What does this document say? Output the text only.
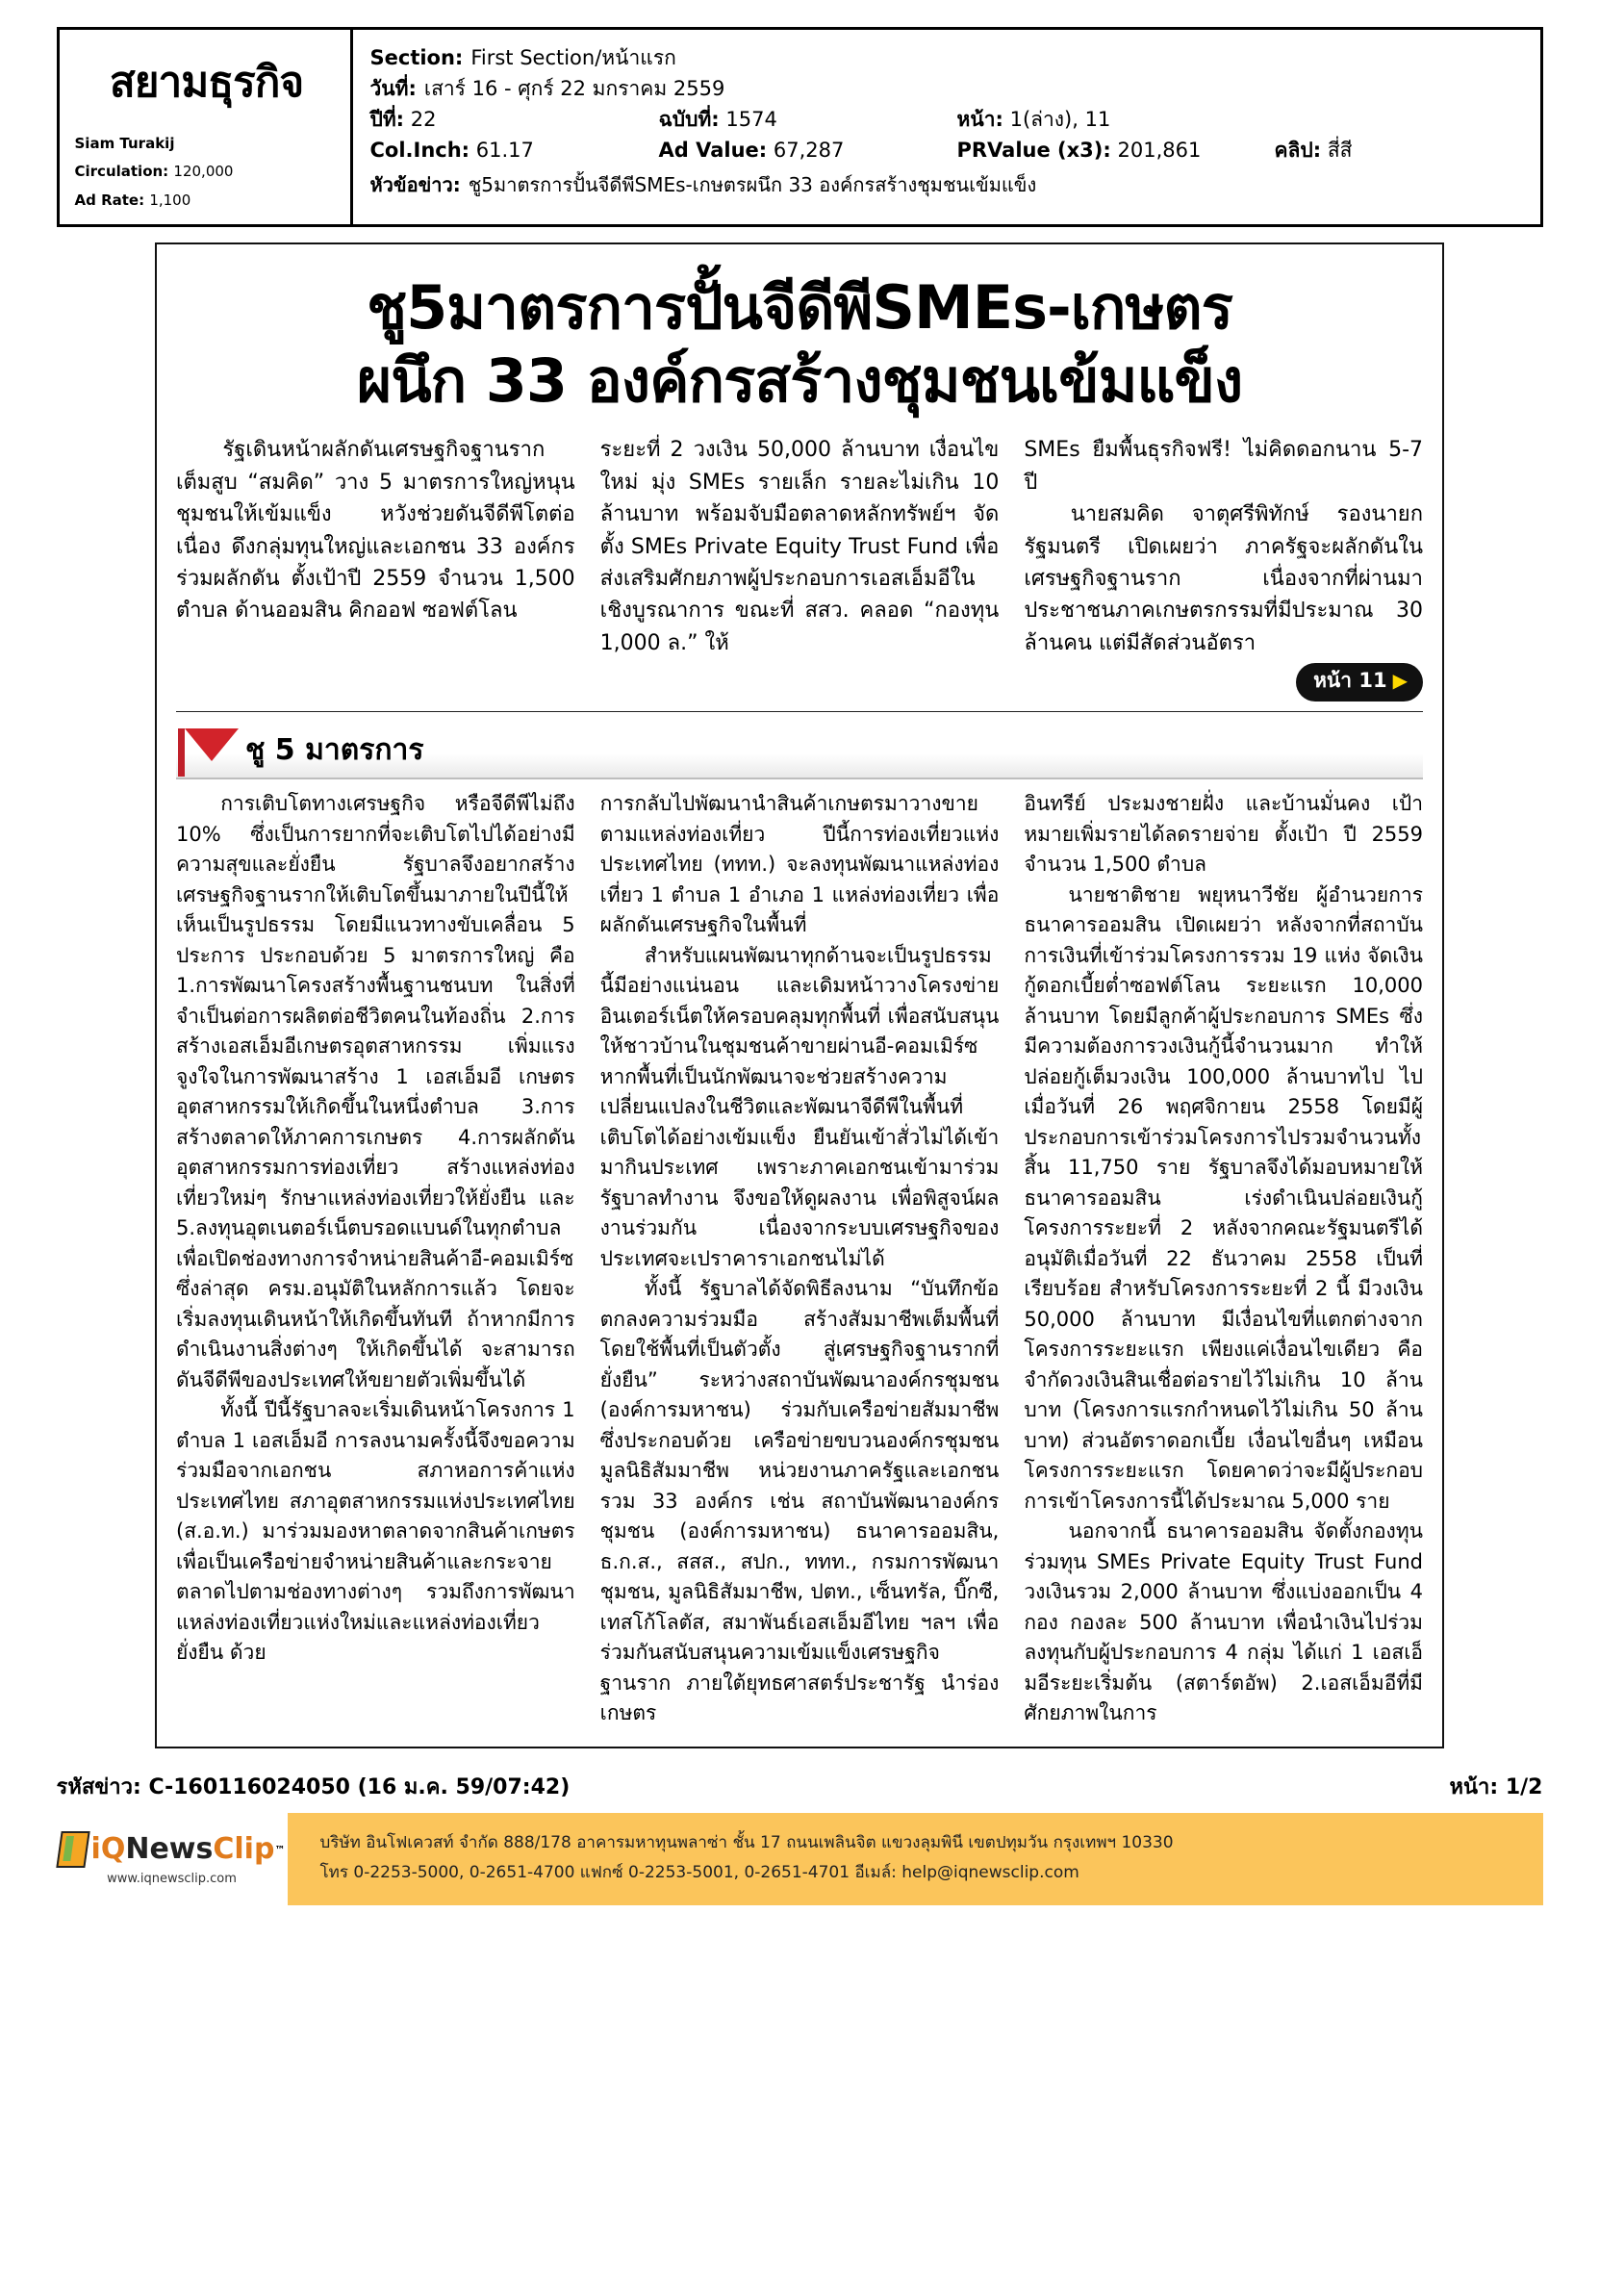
สยามธุรกิจ
Siam Turakij
Circulation: 120,000
Ad Rate: 1,100
Section: First Section/หน้าแรก
วันที่: เสาร์ 16 - ศุกร์ 22 มกราคม 2559
ปีที่: 22	ฉบับที่: 1574	หน้า: 1(ล่าง), 11
Col.Inch: 61.17	Ad Value: 67,287	PRValue (x3): 201,861	คลิป: สี่สี
หัวข้อข่าว: ชู5มาตรการปั้นจีดีพีSMEs-เกษตรผนึก 33 องค์กรสร้างชุมชนเข้มแข็ง
ชู5มาตรการปั้นจีดีพีSMEs-เกษตร
ผนึก 33 องค์กรสร้างชุมชนเข้มแข็ง
รัฐเดินหน้าผลักดันเศรษฐกิจฐานรากเต็มสูบ “สมคิด” วาง 5 มาตรการใหญ่หนุนชุมชนให้เข้มแข็ง หวังช่วยดันจีดีพีโตต่อเนื่อง ดึงกลุ่มทุนใหญ่และเอกชน 33 องค์กรร่วมผลักดัน ตั้งเป้าปี 2559 จำนวน 1,500 ตำบล ด้านออมสิน คิกออฟ ซอฟต์โลน
ระยะที่ 2 วงเงิน 50,000 ล้านบาท เงื่อนไขใหม่ มุ่ง SMEs รายเล็ก รายละไม่เกิน 10 ล้านบาท พร้อมจับมือตลาดหลักทรัพย์ฯ จัดตั้ง SMEs Private Equity Trust Fund เพื่อส่งเสริมศักยภาพผู้ประกอบการเอสเอ็มอีในเชิงบูรณาการ ขณะที่ สสว. คลอด “กองทุน 1,000 ล.” ให้
SMEs ยืมพื้นธุรกิจฟรี! ไม่คิดดอกนาน 5-7 ปี
นายสมคิด จาตุศรีพิทักษ์ รองนายกรัฐมนตรี เปิดเผยว่า ภาครัฐจะผลักดันในเศรษฐกิจฐานราก เนื่องจากที่ผ่านมาประชาชนภาคเกษตรกรรมที่มีประมาณ 30 ล้านคน แต่มีสัดส่วนอัตรา
หน้า 11 ▶
ชู 5 มาตรการ
การเติบโตทางเศรษฐกิจ หรือจีดีพีไม่ถึง 10% ซึ่งเป็นการยากที่จะเติบโตไปได้อย่างมีความสุขและยั่งยืน รัฐบาลจึงอยากสร้างเศรษฐกิจฐานรากให้เติบโตขึ้นมาภายในปีนี้ให้เห็นเป็นรูปธรรม โดยมีแนวทางขับเคลื่อน 5 ประการ ประกอบด้วย 5 มาตรการใหญ่ คือ 1.การพัฒนาโครงสร้างพื้นฐานชนบท ในสิ่งที่จำเป็นต่อการผลิตต่อชีวิตคนในท้องถิ่น 2.การสร้างเอสเอ็มอีเกษตรอุตสาหกรรม เพิ่มแรงจูงใจในการพัฒนาสร้าง 1 เอสเอ็มอี เกษตรอุตสาหกรรมให้เกิดขึ้นในหนึ่งตำบล 3.การสร้างตลาดให้ภาคการเกษตร 4.การผลักดันอุตสาหกรรมการท่องเที่ยว สร้างแหล่งท่องเที่ยวใหม่ๆ รักษาแหล่งท่องเที่ยวให้ยั่งยืน และ 5.ลงทุนอุตเนตอร์เน็ตบรอดแบนด์ในทุกตำบล เพื่อเปิดช่องทางการจำหน่ายสินค้าอี-คอมเมิร์ซ ซึ่งล่าสุด ครม.อนุมัติในหลักการแล้ว โดยจะเริ่มลงทุนเดินหน้าให้เกิดขึ้นทันที ถ้าหากมีการดำเนินงานสิ่งต่างๆ ให้เกิดขึ้นได้ จะสามารถดันจีดีพีของประเทศให้ขยายตัวเพิ่มขึ้นได้
ทั้งนี้ ปีนี้รัฐบาลจะเริ่มเดินหน้าโครงการ 1 ตำบล 1 เอสเอ็มอี การลงนามครั้งนี้จึงขอความร่วมมือจากเอกชน สภาหอการค้าแห่งประเทศไทย สภาอุตสาหกรรมแห่งประเทศไทย (ส.อ.ท.) มาร่วมมองหาตลาดจากสินค้าเกษตร เพื่อเป็นเครือข่ายจำหน่ายสินค้าและกระจายตลาดไปตามช่องทางต่างๆ รวมถึงการพัฒนาแหล่งท่องเที่ยวแห่งใหม่และแหล่งท่องเที่ยวยั่งยืน ด้วย
การกลับไปพัฒนานำสินค้าเกษตรมาวางขายตามแหล่งท่องเที่ยว ปีนี้การท่องเที่ยวแห่งประเทศไทย (ททท.) จะลงทุนพัฒนาแหล่งท่องเที่ยว 1 ตำบล 1 อำเภอ 1 แหล่งท่องเที่ยว เพื่อผลักดันเศรษฐกิจในพื้นที่
สำหรับแผนพัฒนาทุกด้านจะเป็นรูปธรรมนี้มีอย่างแน่นอน และเดิมหน้าวางโครงข่ายอินเตอร์เน็ตให้ครอบคลุมทุกพื้นที่ เพื่อสนับสนุนให้ชาวบ้านในชุมชนค้าขายผ่านอี-คอมเมิร์ซ หากพื้นที่เป็นนักพัฒนาจะช่วยสร้างความเปลี่ยนแปลงในชีวิตและพัฒนาจีดีพีในพื้นที่เติบโตได้อย่างเข้มแข็ง ยืนยันเข้าสั่วไม่ได้เข้ามากินประเทศ เพราะภาคเอกชนเข้ามาร่วมรัฐบาลทำงาน จึงขอให้ดูผลงาน เพื่อพิสูจน์ผลงานร่วมกัน เนื่องจากระบบเศรษฐกิจของประเทศจะเปราคาราเอกชนไม่ได้
ทั้งนี้ รัฐบาลได้จัดพิธีลงนาม “บันทึกข้อตกลงความร่วมมือ สร้างสัมมาชีพเต็มพื้นที่ โดยใช้พื้นที่เป็นตัวตั้ง สู่เศรษฐกิจฐานรากที่ยั่งยืน” ระหว่างสถาบันพัฒนาองค์กรชุมชน (องค์การมหาชน) ร่วมกับเครือข่ายสัมมาชีพ ซึ่งประกอบด้วย เครือข่ายขบวนองค์กรชุมชน มูลนิธิสัมมาชีพ หน่วยงานภาครัฐและเอกชน รวม 33 องค์กร เช่น สถาบันพัฒนาองค์กรชุมชน (องค์การมหาชน) ธนาคารออมสิน, ธ.ก.ส., สสส., สปก., ททท., กรมการพัฒนาชุมชน, มูลนิธิสัมมาชีพ, ปตท., เซ็นทรัล, บิ๊กซี, เทสโก้โลตัส, สมาพันธ์เอสเอ็มอีไทย ฯลฯ เพื่อร่วมกันสนับสนุนความเข้มแข็งเศรษฐกิจฐานราก ภายใต้ยุทธศาสตร์ประชารัฐ นำร่องเกษตร
อินทรีย์ ประมงชายฝั่ง และบ้านมั่นคง เป้าหมายเพิ่มรายได้ลดรายจ่าย ตั้งเป้า ปี 2559 จำนวน 1,500 ตำบล
นายชาติชาย พยุหนาวีชัย ผู้อำนวยการ ธนาคารออมสิน เปิดเผยว่า หลังจากที่สถาบันการเงินที่เข้าร่วมโครงการรวม 19 แห่ง จัดเงินกู้ดอกเบี้ยต่ำซอฟต์โลน ระยะแรก 10,000 ล้านบาท โดยมีลูกค้าผู้ประกอบการ SMEs ซึ่งมีความต้องการวงเงินกู้นี้จำนวนมาก ทำให้ปล่อยกู้เต็มวงเงิน 100,000 ล้านบาทไป ไปเมื่อวันที่ 26 พฤศจิกายน 2558 โดยมีผู้ประกอบการเข้าร่วมโครงการไปรวมจำนวนทั้งสิ้น 11,750 ราย รัฐบาลจึงได้มอบหมายให้ธนาคารออมสิน เร่งดำเนินปล่อยเงินกู้โครงการระยะที่ 2 หลังจากคณะรัฐมนตรีได้อนุมัติเมื่อวันที่ 22 ธันวาคม 2558 เป็นที่เรียบร้อย สำหรับโครงการระยะที่ 2 นี้ มีวงเงิน 50,000 ล้านบาท มีเงื่อนไขที่แตกต่างจากโครงการระยะแรก เพียงแค่เงื่อนไขเดียว คือ จำกัดวงเงินสินเชื่อต่อรายไว้ไม่เกิน 10 ล้านบาท (โครงการแรกกำหนดไว้ไม่เกิน 50 ล้านบาท) ส่วนอัตราดอกเบี้ย เงื่อนไขอื่นๆ เหมือนโครงการระยะแรก โดยคาดว่าจะมีผู้ประกอบการเข้าโครงการนี้ได้ประมาณ 5,000 ราย
นอกจากนี้ ธนาคารออมสิน จัดตั้งกองทุนร่วมทุน SMEs Private Equity Trust Fund วงเงินรวม 2,000 ล้านบาท ซึ่งแบ่งออกเป็น 4 กอง กองละ 500 ล้านบาท เพื่อนำเงินไปร่วมลงทุนกับผู้ประกอบการ 4 กลุ่ม ได้แก่ 1 เอสเอ็มอีระยะเริ่มต้น (สตาร์ตอัพ) 2.เอสเอ็มอีที่มีศักยภาพในการ
รหัสข่าว: C-160116024050 (16 ม.ค. 59/07:42)	หน้า: 1/2
iQ News Clip ™
www.iqnewsclip.com
บริษัท อินโฟเควสท์ จำกัด 888/178 อาคารมหาทุนพลาซ่า ชั้น 17 ถนนเพลินจิต แขวงลุมพินี เขตปทุมวัน กรุงเทพฯ 10330
โทร 0-2253-5000, 0-2651-4700 แฟกซ์ 0-2253-5001, 0-2651-4701 อีเมล์: help@iqnewsclip.com
